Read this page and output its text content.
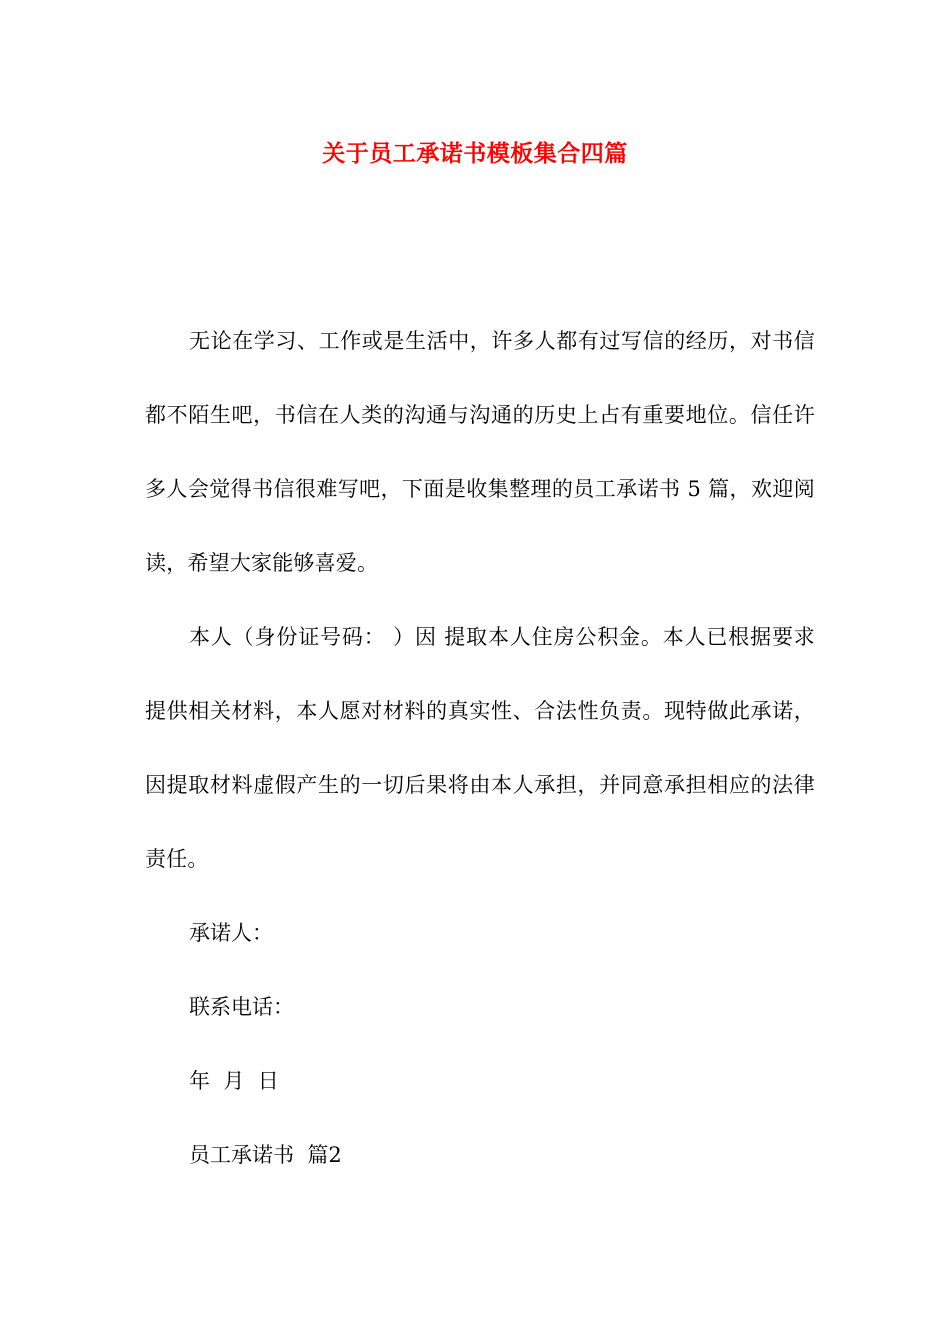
关于员工承诺书模板集合四篇

无论在学习、工作或是生活中，许多人都有过写信的经历，对书信都不陌生吧，书信在人类的沟通与沟通的历史上占有重要地位。信任许多人会觉得书信很难写吧，下面是收集整理的员工承诺书 5 篇，欢迎阅读，希望大家能够喜爱。

本人（身份证号码： ）因 提取本人住房公积金。本人已根据要求提供相关材料，本人愿对材料的真实性、合法性负责。现特做此承诺，因提取材料虚假产生的一切后果将由本人承担，并同意承担相应的法律责任。

承诺人：

联系电话：

年  月  日

员工承诺书  篇2
